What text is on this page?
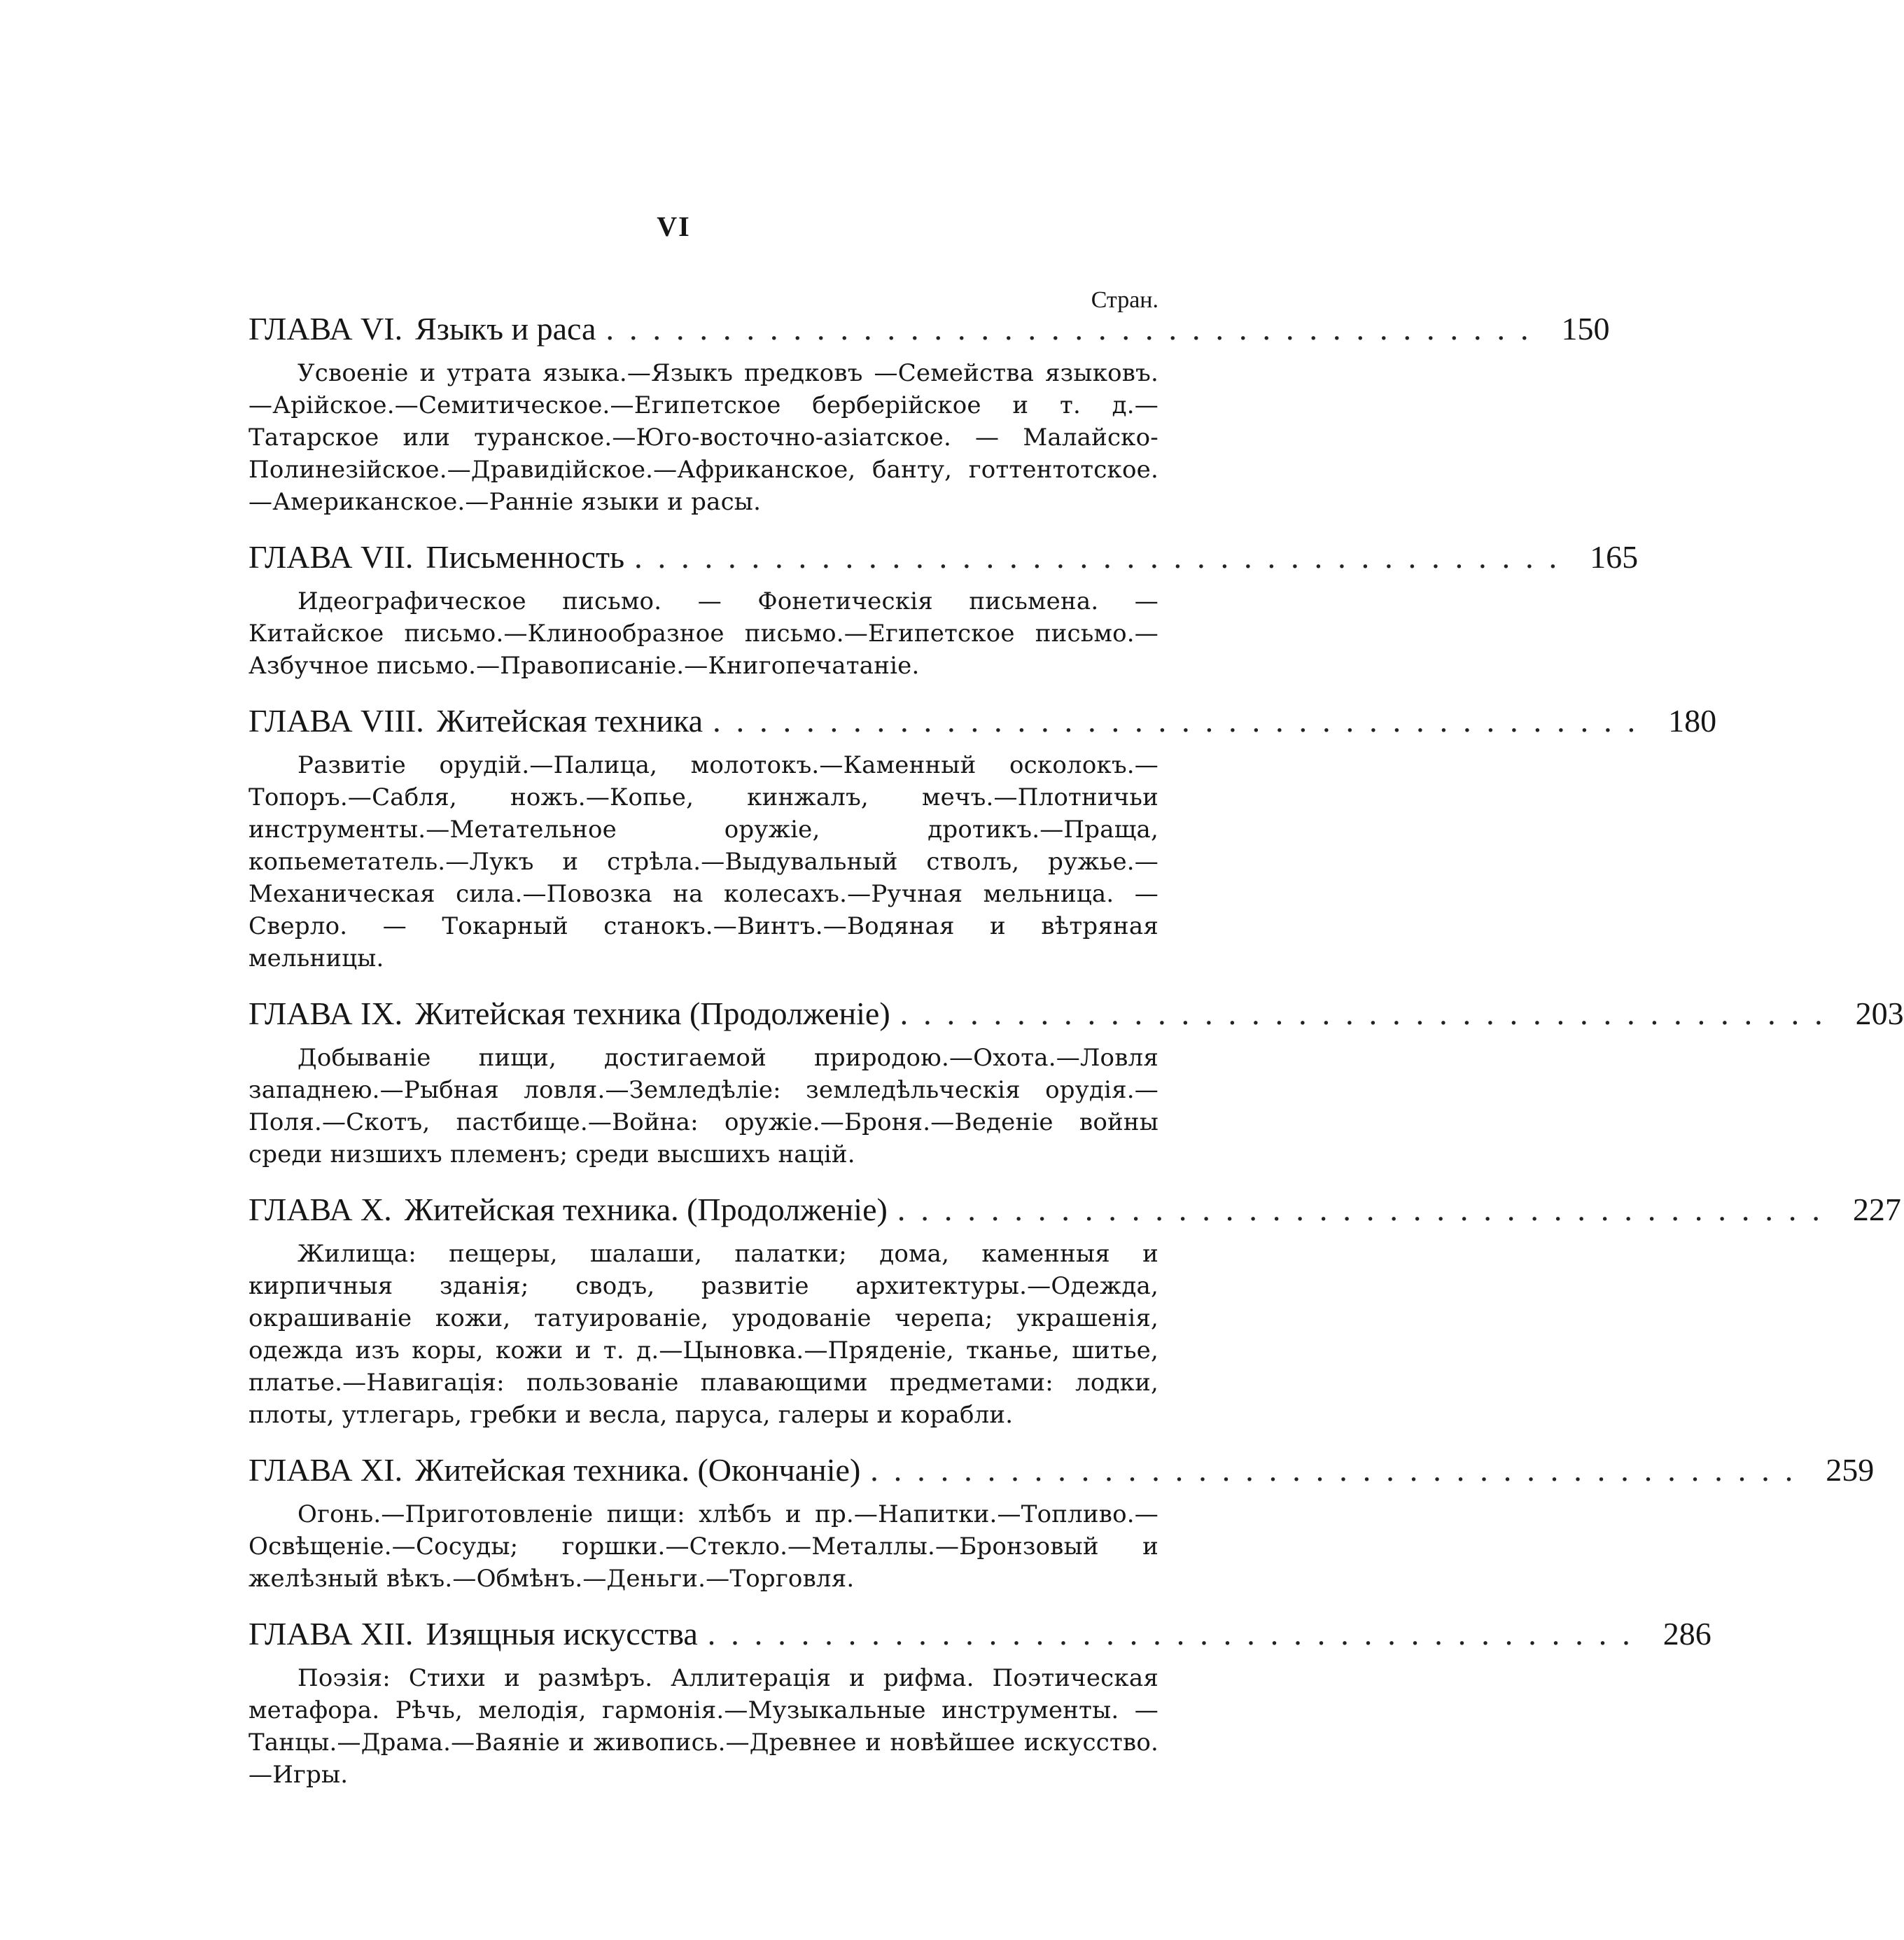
VI
Стран.
ГЛАВА VI. Языкъ и раса ........................................ 150
Усвоеніе и утрата языка.—Языкъ предковъ —Семейства языковъ.—Арійское.—Семитическое.—Египетское берберійское и т. д.—Татарское или туранское.—Юго-восточно-азіатское. — Малайско-Полинезійское.—Дравидійское.—Африканское, банту, готтентотское.—Американское.—Ранніе языки и расы.
ГЛАВА VII. Письменность ........................................ 165
Идеографическое письмо. — Фонетическія письмена. — Китайское письмо.—Клинообразное письмо.—Египетское письмо.—Азбучное письмо.—Правописаніе.—Книгопечатаніе.
ГЛАВА VIII. Житейская техника ........................................ 180
Развитіе орудій.—Палица, молотокъ.—Каменный осколокъ.—Топоръ.—Сабля, ножъ.—Копье, кинжалъ, мечъ.—Плотничьи инструменты.—Метательное оружіе, дротикъ.—Праща, копьеметатель.—Лукъ и стрѣла.—Выдувальный стволъ, ружье.—Механическая сила.—Повозка на колесахъ.—Ручная мельница. — Сверло. — Токарный станокъ.—Винтъ.—Водяная и вѣтряная мельницы.
ГЛАВА IX. Житейская техника (Продолженіе) ........................................ 203
Добываніе пищи, достигаемой природою.—Охота.—Ловля западнею.—Рыбная ловля.—Земледѣліе: земледѣльческія орудія.—Поля.—Скотъ, пастбище.—Война: оружіе.—Броня.—Веденіе войны среди низшихъ племенъ; среди высшихъ націй.
ГЛАВА X. Житейская техника. (Продолженіе) ........................................ 227
Жилища: пещеры, шалаши, палатки; дома, каменныя и кирпичныя зданія; сводъ, развитіе архитектуры.—Одежда, окрашиваніе кожи, татуированіе, уродованіе черепа; украшенія, одежда изъ коры, кожи и т. д.—Цыновка.—Пряденіе, тканье, шитье, платье.—Навигація: пользованіе плавающими предметами: лодки, плоты, утлегарь, гребки и весла, паруса, галеры и корабли.
ГЛАВА XI. Житейская техника. (Окончаніе) ........................................ 259
Огонь.—Приготовленіе пищи: хлѣбъ и пр.—Напитки.—Топливо.—Освѣщеніе.—Сосуды; горшки.—Стекло.—Металлы.—Бронзовый и желѣзный вѣкъ.—Обмѣнъ.—Деньги.—Торговля.
ГЛАВА XII. Изящныя искусства ........................................ 286
Поэзія: Стихи и размѣръ. Аллитерація и рифма. Поэтическая метафора. Рѣчь, мелодія, гармонія.—Музыкальные инструменты. — Танцы.—Драма.—Ваяніе и живопись.—Древнее и новѣйшее искусство.—Игры.
